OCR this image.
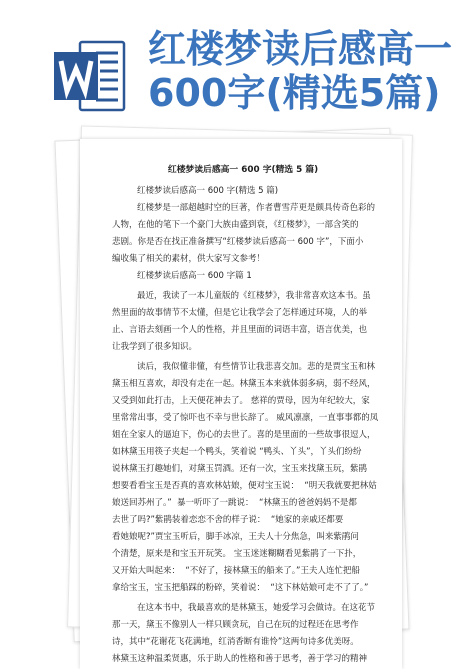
红楼梦读后感高一
600字(精选5篇)
红楼梦读后感高一 600 字(精选 5 篇)
红楼梦读后感高一 600 字(精选 5 篇)
红楼梦是一部超越时空的巨著，作者曹雪芹更是颇具传奇色彩的
人物，在他的笔下一个豪门大族由盛到衰，《红楼梦》，一部含笑的
悲剧。你是否在找正准备撰写“红楼梦读后感高一 600 字”，下面小
编收集了相关的素材，供大家写文参考！
红楼梦读后感高一 600 字篇 1
最近，我读了一本儿童版的《红楼梦》，我非常喜欢这本书。虽
然里面的故事情节不太懂，但是它让我学会了怎样通过环境，人的举
止、言语去刻画一个人的性格，并且里面的词语丰富，语言优美，也
让我学到了很多知识。
读后，我似懂非懂，有些情节让我悲喜交加。悲的是贾宝玉和林
黛玉相互喜欢，却没有走在一起。林黛玉本来就体弱多病，弱不经风，
又受到如此打击，上天便花神去了。 慈祥的贾母，因为年纪较大，家
里常常出事，受了惊吓也不幸与世长辞了。 威风凛凛，一直事事都的凤
姐在全家人的逼迫下，伤心的去世了。喜的是里面的一些故事很逗人，
如林黛玉用筷子夹起一个鸭头，笑着说 “鸭头、丫头”，丫头们纷纷
说林黛玉打趣她们，对黛玉罚酒。还有一次，宝玉来找黛玉玩，紫鹃
想要看看宝玉是否真的喜欢林姑娘，便对宝玉说：  “明天我就要把林姑
娘送回苏州了。”  暴一听吓了一跳说：  “林黛玉的爸爸妈妈不是都
去世了吗?”紫鹃装着恋恋不舍的样子说：  “她家的亲戚还都要
看她娘呢?”贾宝玉听后，脚手冰凉，王夫人十分焦急，叫来紫鹃问
个清楚，原来是和宝玉开玩笑。 宝玉迷迷糊糊看见紫鹃了一下扑，
又开始大叫起来：  “不好了，接林黛玉的船来了。”王夫人连忙把船
拿给宝玉，宝玉把船踩的粉碎，笑着说：  “这下林姑娘可走不了了。”
在这本书中，我最喜欢的是林黛玉，她爱学习会做诗。在这花节
那一天，黛玉不像别人一样只顾贪玩，自己在玩的过程还在思考作
诗，其中“花谢花飞花满地，红消香断有谁怜”这两句诗多优美呀。
林黛玉这种温柔贤惠，乐于助人的性格和善于思考，善于学习的精神
